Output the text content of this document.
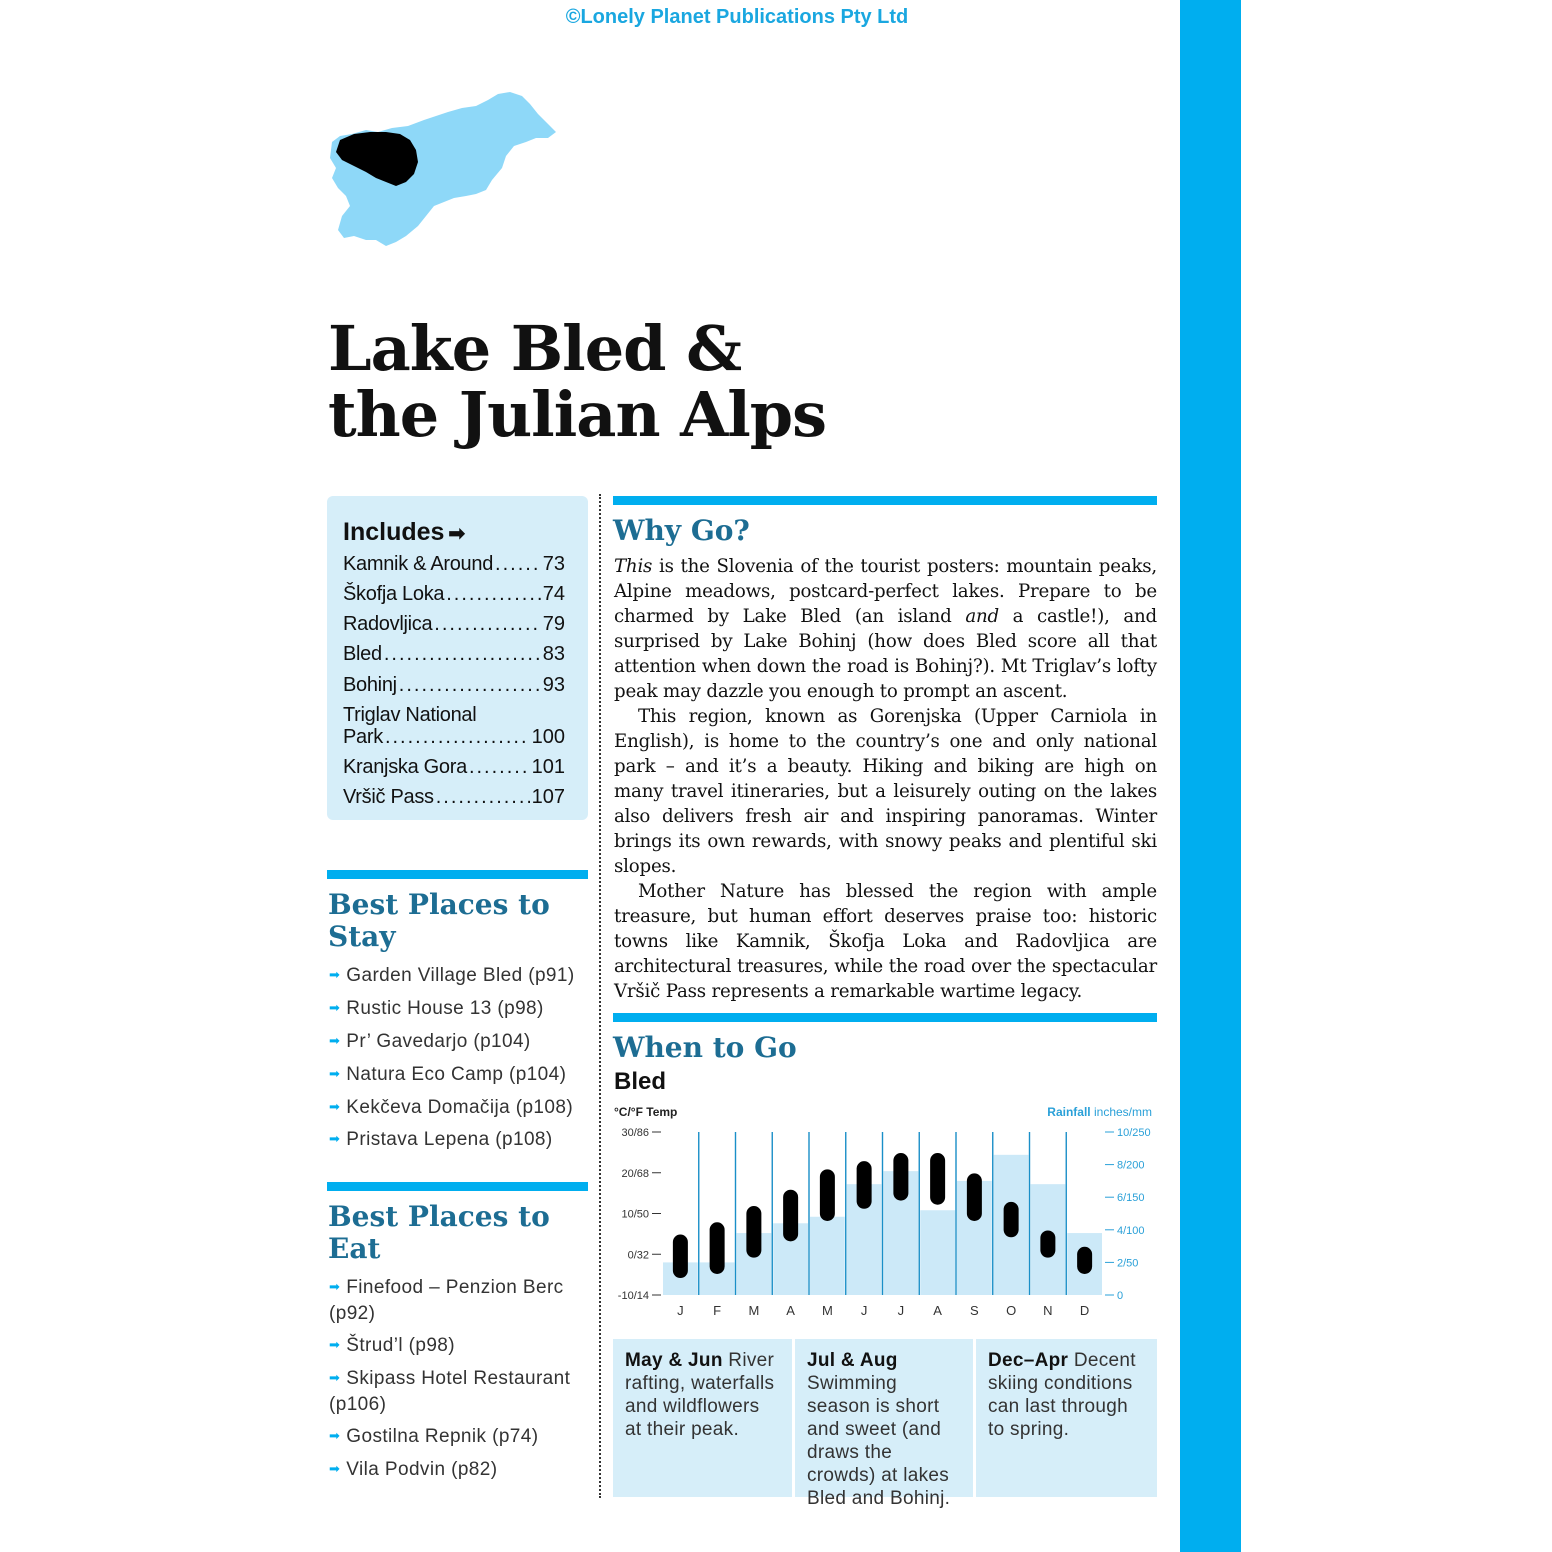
©Lonely Planet Publications Pty Ltd
Lake Bled &
the Julian Alps
Includes ➡
Kamnik & Around ..... 73
Škofja Loka .....	74
Radovljica .....	79
Bled .....	83
Bohinj .....	93
Triglav National
Park .....	100
Kranjska Gora .....	101
Vršič Pass .....	107
Best Places to
Stay
➡ Garden Village Bled (p91)
➡ Rustic House 13 (p98)
➡ Pr’ Gavedarjo (p104)
➡ Natura Eco Camp (p104)
➡ Kekčeva Domačija (p108)
➡ Pristava Lepena (p108)
Best Places to
Eat
➡ Finefood – Penzion Berc (p92)
➡ Štrud’l (p98)
➡ Skipass Hotel Restaurant (p106)
➡ Gostilna Repnik (p74)
➡ Vila Podvin (p82)
Why Go?

This is the Slovenia of the tourist posters: mountain peaks, Alpine meadows, postcard-perfect lakes. Prepare to be charmed by Lake Bled (an island and a castle!), and surprised by Lake Bohinj (how does Bled score all that attention when down the road is Bohinj?). Mt Triglav’s lofty peak may dazzle you enough to prompt an ascent.

This region, known as Gorenjska (Upper Carniola in English), is home to the country’s one and only national park – and it’s a beauty. Hiking and biking are high on many travel itineraries, but a leisurely outing on the lakes also delivers fresh air and inspiring panoramas. Winter brings its own rewards, with snowy peaks and plentiful ski slopes.

Mother Nature has blessed the region with ample treasure, but human effort deserves praise too: historic towns like Kamnik, Škofja Loka and Radovljica are architectural treasures, while the road over the spectacular Vršič Pass represents a remarkable wartime legacy.

When to Go
Bled
°C/°F Temp	Rainfall inches/mm
30/86
20/68
10/50
0/32
-10/14
10/250
8/200
6/150
4/100
2/50
0
J F M A M J J A S O N D
May & Jun River rafting, waterfalls and wildflowers at their peak.
Jul & Aug Swimming season is short and sweet (and draws the crowds) at lakes Bled and Bohinj.
Dec–Apr Decent skiing conditions can last through to spring.
